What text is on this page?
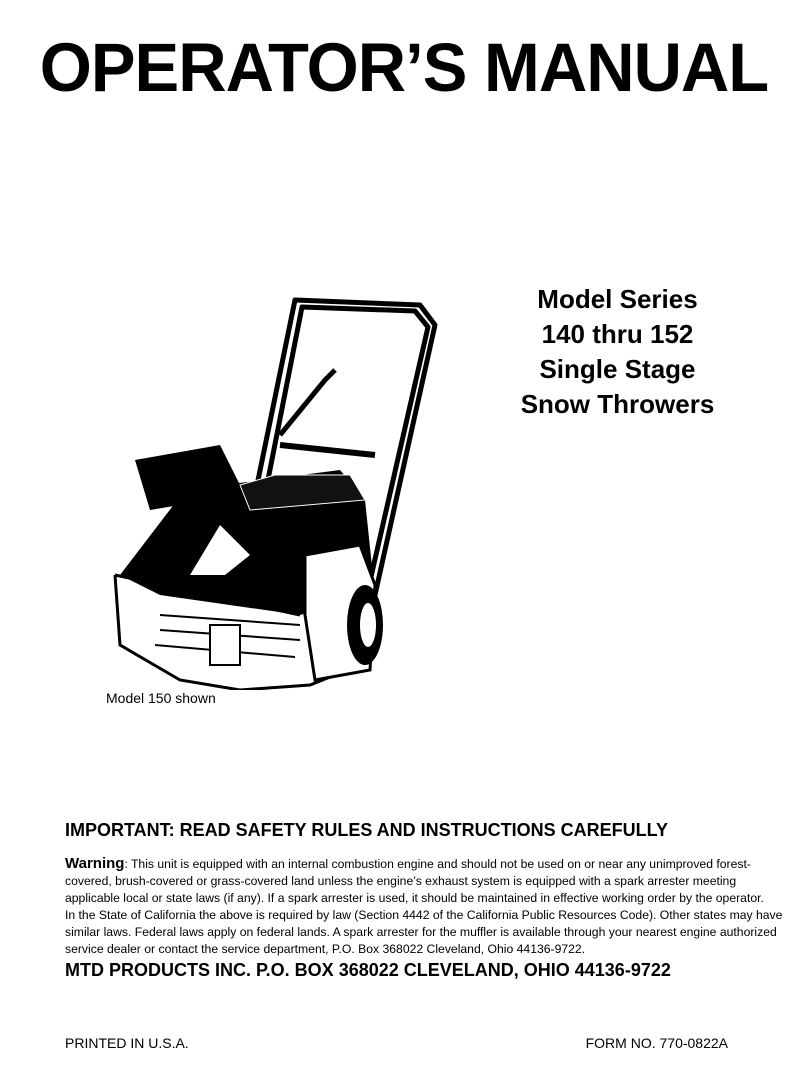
OPERATOR’S MANUAL
Model Series
140 thru 152
Single Stage
Snow Throwers
Model 150 shown
IMPORTANT: READ SAFETY RULES AND INSTRUCTIONS CAREFULLY
Warning: This unit is equipped with an internal combustion engine and should not be used on or near any unimproved forest-
covered, brush-covered or grass-covered land unless the engine’s exhaust system is equipped with a spark arrester meeting
applicable local or state laws (if any). If a spark arrester is used, it should be maintained in effective working order by the operator.
In the State of California the above is required by law (Section 4442 of the California Public Resources Code). Other states may have
similar laws. Federal laws apply on federal lands. A spark arrester for the muffler is available through your nearest engine authorized
service dealer or contact the service department, P.O. Box 368022 Cleveland, Ohio 44136-9722.
MTD PRODUCTS INC. P.O. BOX 368022 CLEVELAND, OHIO 44136-9722
PRINTED IN U.S.A.	FORM NO. 770-0822A
